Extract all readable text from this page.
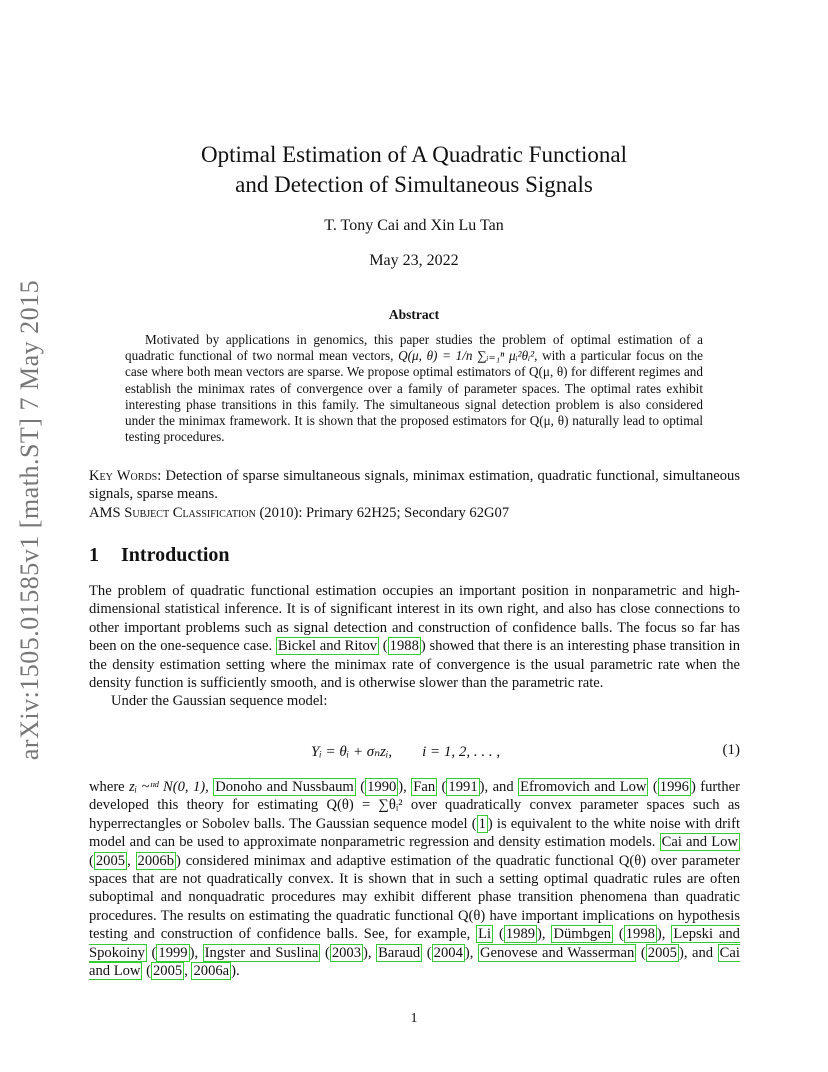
arXiv:1505.01585v1 [math.ST] 7 May 2015
Optimal Estimation of A Quadratic Functional
and Detection of Simultaneous Signals
T. Tony Cai and Xin Lu Tan
May 23, 2022
Abstract
Motivated by applications in genomics, this paper studies the problem of optimal estimation of a quadratic functional of two normal mean vectors, Q(μ, θ) = 1/n ∑ᵢ₌₁ⁿ μᵢ²θᵢ², with a particular focus on the case where both mean vectors are sparse. We propose optimal estimators of Q(μ, θ) for different regimes and establish the minimax rates of convergence over a family of parameter spaces. The optimal rates exhibit interesting phase transitions in this family. The simultaneous signal detection problem is also considered under the minimax framework. It is shown that the proposed estimators for Q(μ, θ) naturally lead to optimal testing procedures.
Key Words: Detection of sparse simultaneous signals, minimax estimation, quadratic functional, simultaneous signals, sparse means.
AMS Subject Classification (2010): Primary 62H25; Secondary 62G07
1 Introduction
The problem of quadratic functional estimation occupies an important position in nonparametric and high-dimensional statistical inference. It is of significant interest in its own right, and also has close connections to other important problems such as signal detection and construction of confidence balls. The focus so far has been on the one-sequence case. Bickel and Ritov ( 1988 ) showed that there is an interesting phase transition in the density estimation setting where the minimax rate of convergence is the usual parametric rate when the density function is sufficiently smooth, and is otherwise slower than the parametric rate.
Under the Gaussian sequence model:
Yᵢ = θᵢ + σₙzᵢ,        i = 1, 2, . . . ,	(1)
where zᵢ ~ᶦᶦᵈ N(0, 1), Donoho and Nussbaum ( 1990 ), Fan ( 1991 ), and Efromovich and Low ( 1996 ) further developed this theory for estimating Q(θ) = ∑θᵢ² over quadratically convex parameter spaces such as hyperrectangles or Sobolev balls. The Gaussian sequence model ( 1 ) is equivalent to the white noise with drift model and can be used to approximate nonparametric regression and density estimation models. Cai and Low ( 2005 , 2006b ) considered minimax and adaptive estimation of the quadratic functional Q(θ) over parameter spaces that are not quadratically convex. It is shown that in such a setting optimal quadratic rules are often suboptimal and nonquadratic procedures may exhibit different phase transition phenomena than quadratic procedures. The results on estimating the quadratic functional Q(θ) have important implications on hypothesis testing and construction of confidence balls. See, for example, Li ( 1989 ), Dümbgen ( 1998 ), Lepski and Spokoiny ( 1999 ), Ingster and Suslina ( 2003 ), Baraud ( 2004 ), Genovese and Wasserman ( 2005 ), and Cai and Low ( 2005 , 2006a ).
1
